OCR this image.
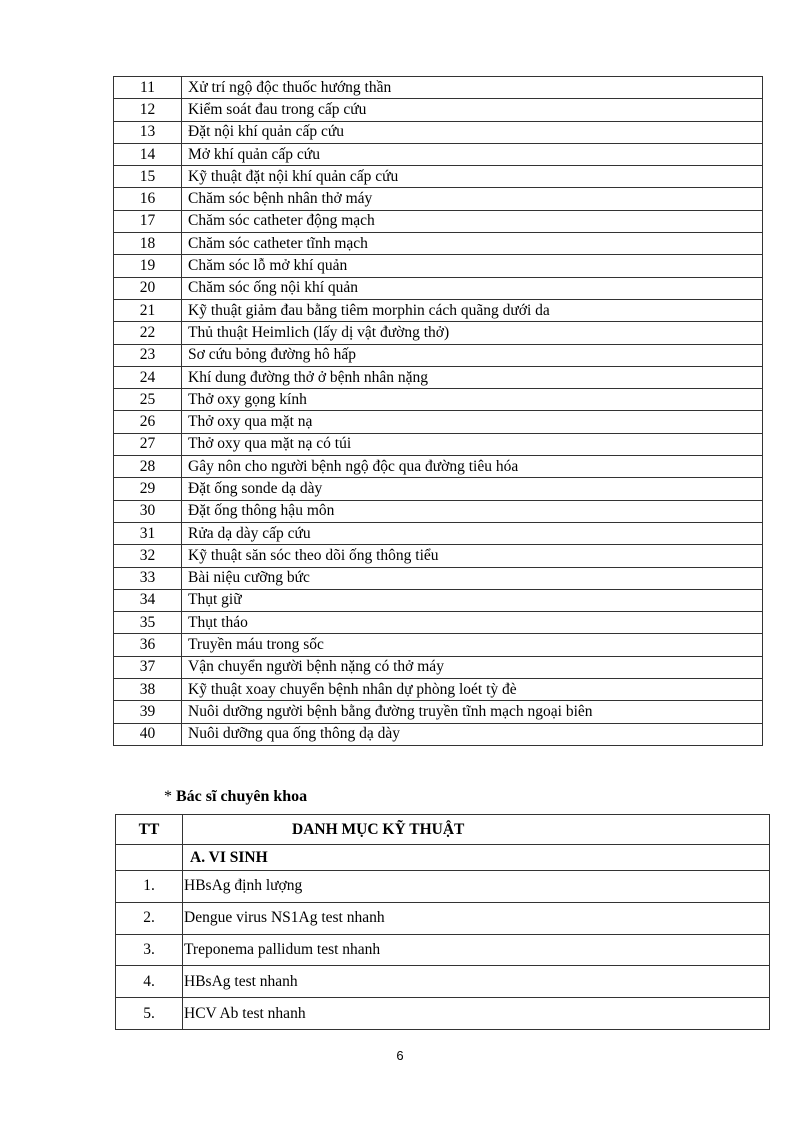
11	Xử trí ngộ độc thuốc hướng thần
12	Kiểm soát đau trong cấp cứu
13	Đặt nội khí quản cấp cứu
14	Mở khí quản cấp cứu
15	Kỹ thuật đặt nội khí quản cấp cứu
16	Chăm sóc bệnh nhân thở máy
17	Chăm sóc catheter động mạch
18	Chăm sóc catheter tĩnh mạch
19	Chăm sóc lỗ mở khí quản
20	Chăm sóc ống nội khí quản
21	Kỹ thuật giảm đau bằng tiêm morphin cách quãng dưới da
22	Thủ thuật Heimlich (lấy dị vật đường thở)
23	Sơ cứu bỏng đường hô hấp
24	Khí dung đường thở ở bệnh nhân nặng
25	Thở oxy gọng kính
26	Thở oxy qua mặt nạ
27	Thở oxy qua mặt nạ có túi
28	Gây nôn cho người bệnh ngộ độc qua đường tiêu hóa
29	Đặt ống sonde dạ dày
30	Đặt ống thông hậu môn
31	Rửa dạ dày cấp cứu
32	Kỹ thuật săn sóc theo dõi ống thông tiểu
33	Bài niệu cưỡng bức
34	Thụt giữ
35	Thụt tháo
36	Truyền máu trong sốc
37	Vận chuyển người bệnh nặng có thở máy
38	Kỹ thuật xoay chuyển bệnh nhân dự phòng loét tỳ đè
39	Nuôi dưỡng người bệnh bằng đường truyền tĩnh mạch ngoại biên
40	Nuôi dưỡng qua ống thông dạ dày
* Bác sĩ chuyên khoa
TT	DANH MỤC KỸ THUẬT
	A. VI SINH
1.	HBsAg định lượng
2.	Dengue virus NS1Ag test nhanh
3.	Treponema pallidum test nhanh
4.	HBsAg test nhanh
5.	HCV Ab test nhanh
6
